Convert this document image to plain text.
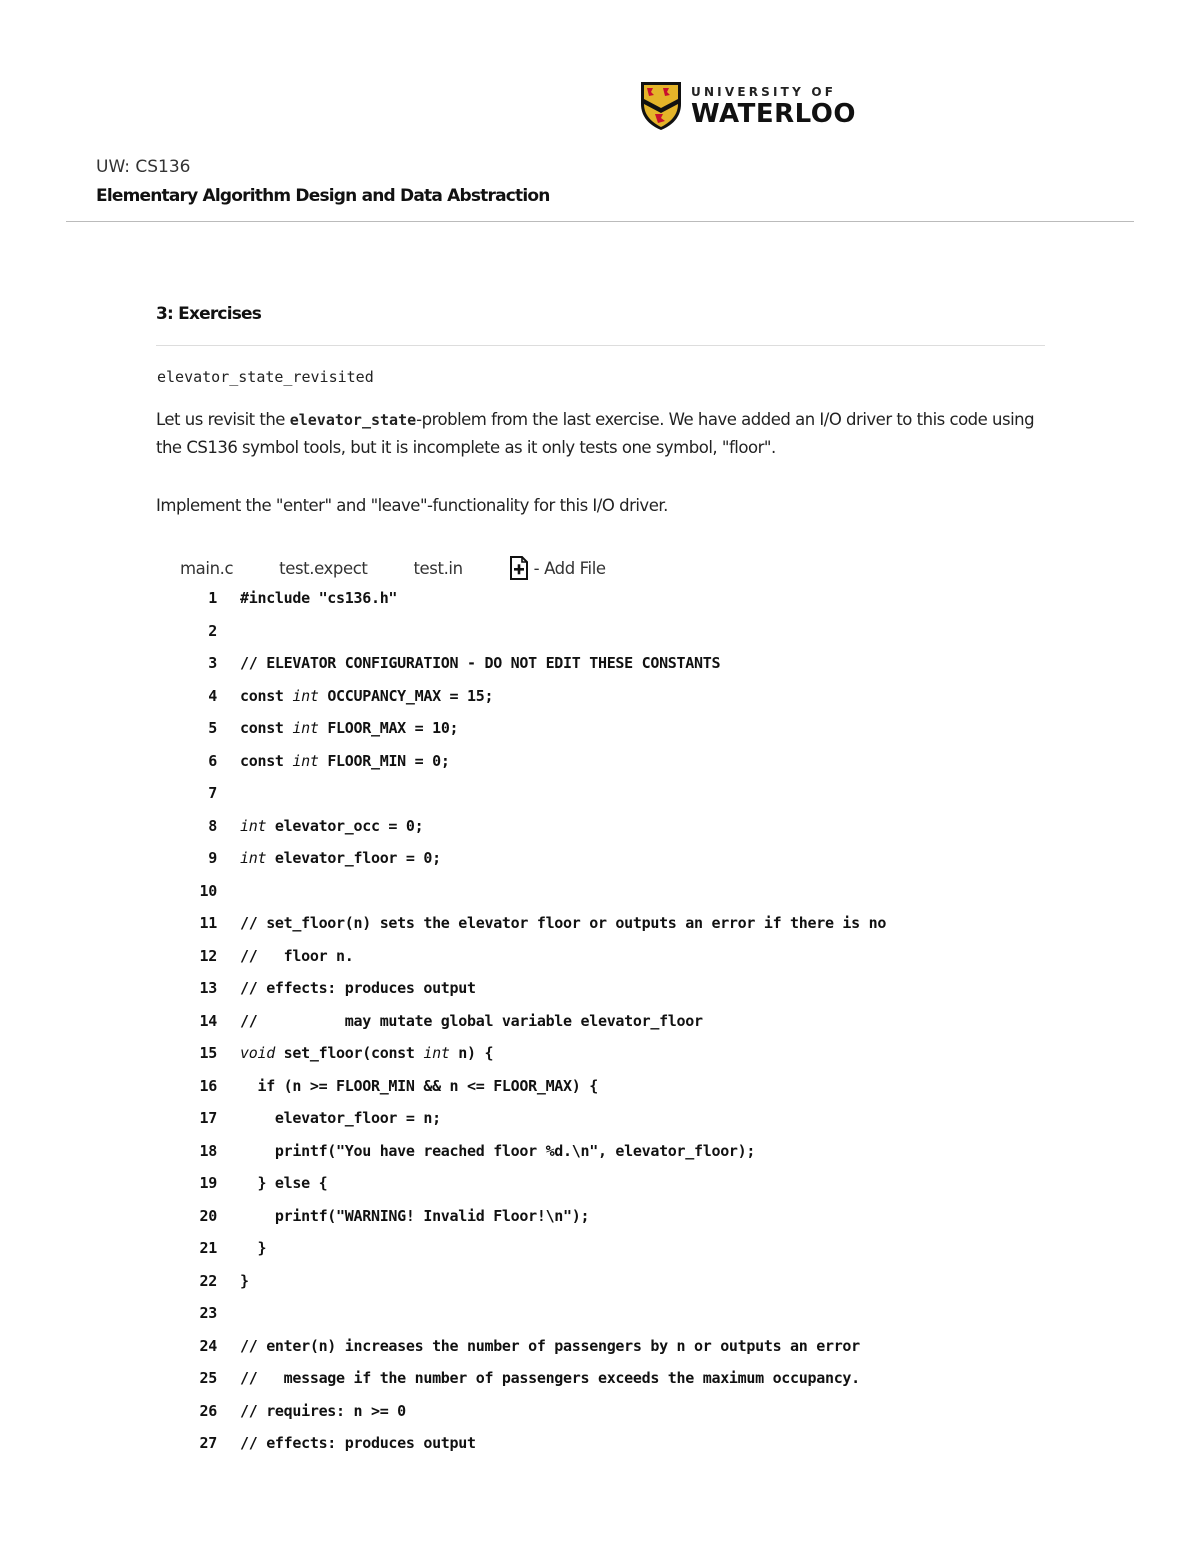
UNIVERSITY OF
WATERLOO
UW: CS136
Elementary Algorithm Design and Data Abstraction
3: Exercises
elevator_state_revisited
Let us revisit the elevator_state-problem from the last exercise. We have added an I/O driver to this code using the CS136 symbol tools, but it is incomplete as it only tests one symbol, "floor".
Implement the "enter" and "leave"-functionality for this I/O driver.
main.c	test.expect	test.in	- Add File
1 #include "cs136.h"
2
3 // ELEVATOR CONFIGURATION - DO NOT EDIT THESE CONSTANTS
4 const int OCCUPANCY_MAX = 15;
5 const int FLOOR_MAX = 10;
6 const int FLOOR_MIN = 0;
7
8 int elevator_occ = 0;
9 int elevator_floor = 0;
10
11 // set_floor(n) sets the elevator floor or outputs an error if there is no
12 //   floor n.
13 // effects: produces output
14 //          may mutate global variable elevator_floor
15 void set_floor(const int n) {
16 if (n >= FLOOR_MIN && n <= FLOOR_MAX) {
17 elevator_floor = n;
18 printf("You have reached floor %d.\n", elevator_floor);
19 } else {
20 printf("WARNING! Invalid Floor!\n");
21 }
22 }
23
24 // enter(n) increases the number of passengers by n or outputs an error
25 //   message if the number of passengers exceeds the maximum occupancy.
26 // requires: n >= 0
27 // effects: produces output
